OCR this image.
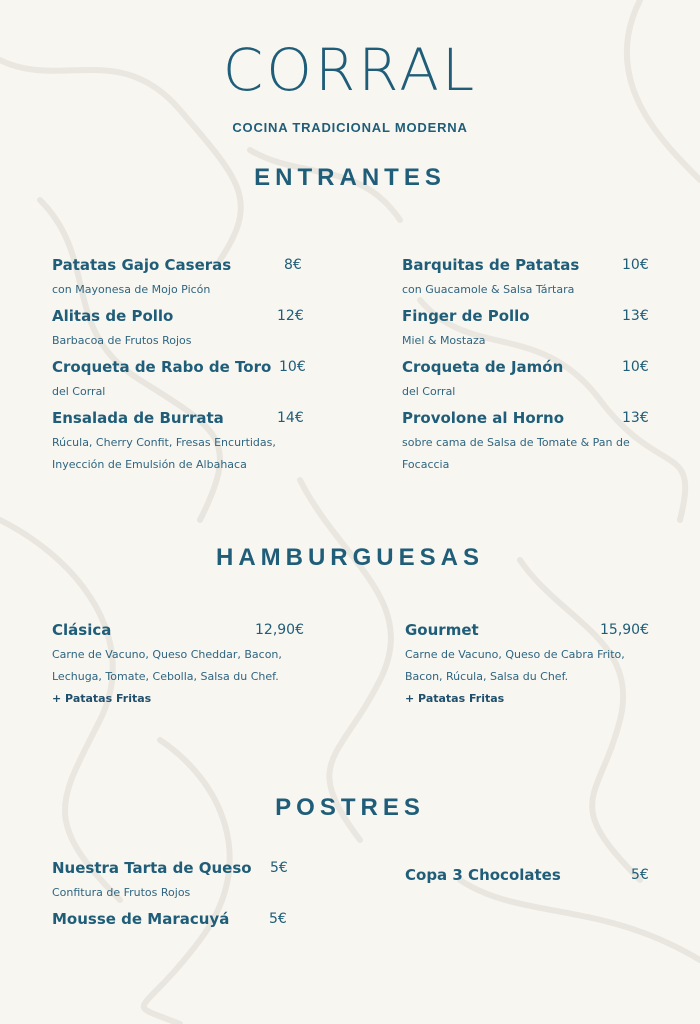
CORRAL
COCINA TRADICIONAL MODERNA
ENTRANTES
Patatas Gajo Caseras	8€
con Mayonesa de Mojo Picón
Alitas de Pollo	12€
Barbacoa de Frutos Rojos
Croqueta de Rabo de Toro 10€
del Corral
Ensalada de Burrata	14€
Rúcula, Cherry Confit, Fresas Encurtidas,
Inyección de Emulsión de Albahaca
Barquitas de Patatas	10€
con Guacamole & Salsa Tártara
Finger de Pollo	13€
Miel & Mostaza
Croqueta de Jamón	10€
del Corral
Provolone al Horno	13€
sobre cama de Salsa de Tomate & Pan de
Focaccia
HAMBURGUESAS
Clásica	12,90€
Carne de Vacuno, Queso Cheddar, Bacon,
Lechuga, Tomate, Cebolla, Salsa du Chef.
+ Patatas Fritas
Gourmet	15,90€
Carne de Vacuno, Queso de Cabra Frito,
Bacon, Rúcula, Salsa du Chef.
+ Patatas Fritas
POSTRES
Nuestra Tarta de Queso 5€
Confitura de Frutos Rojos
Mousse de Maracuyá	5€
Copa 3 Chocolates	5€
